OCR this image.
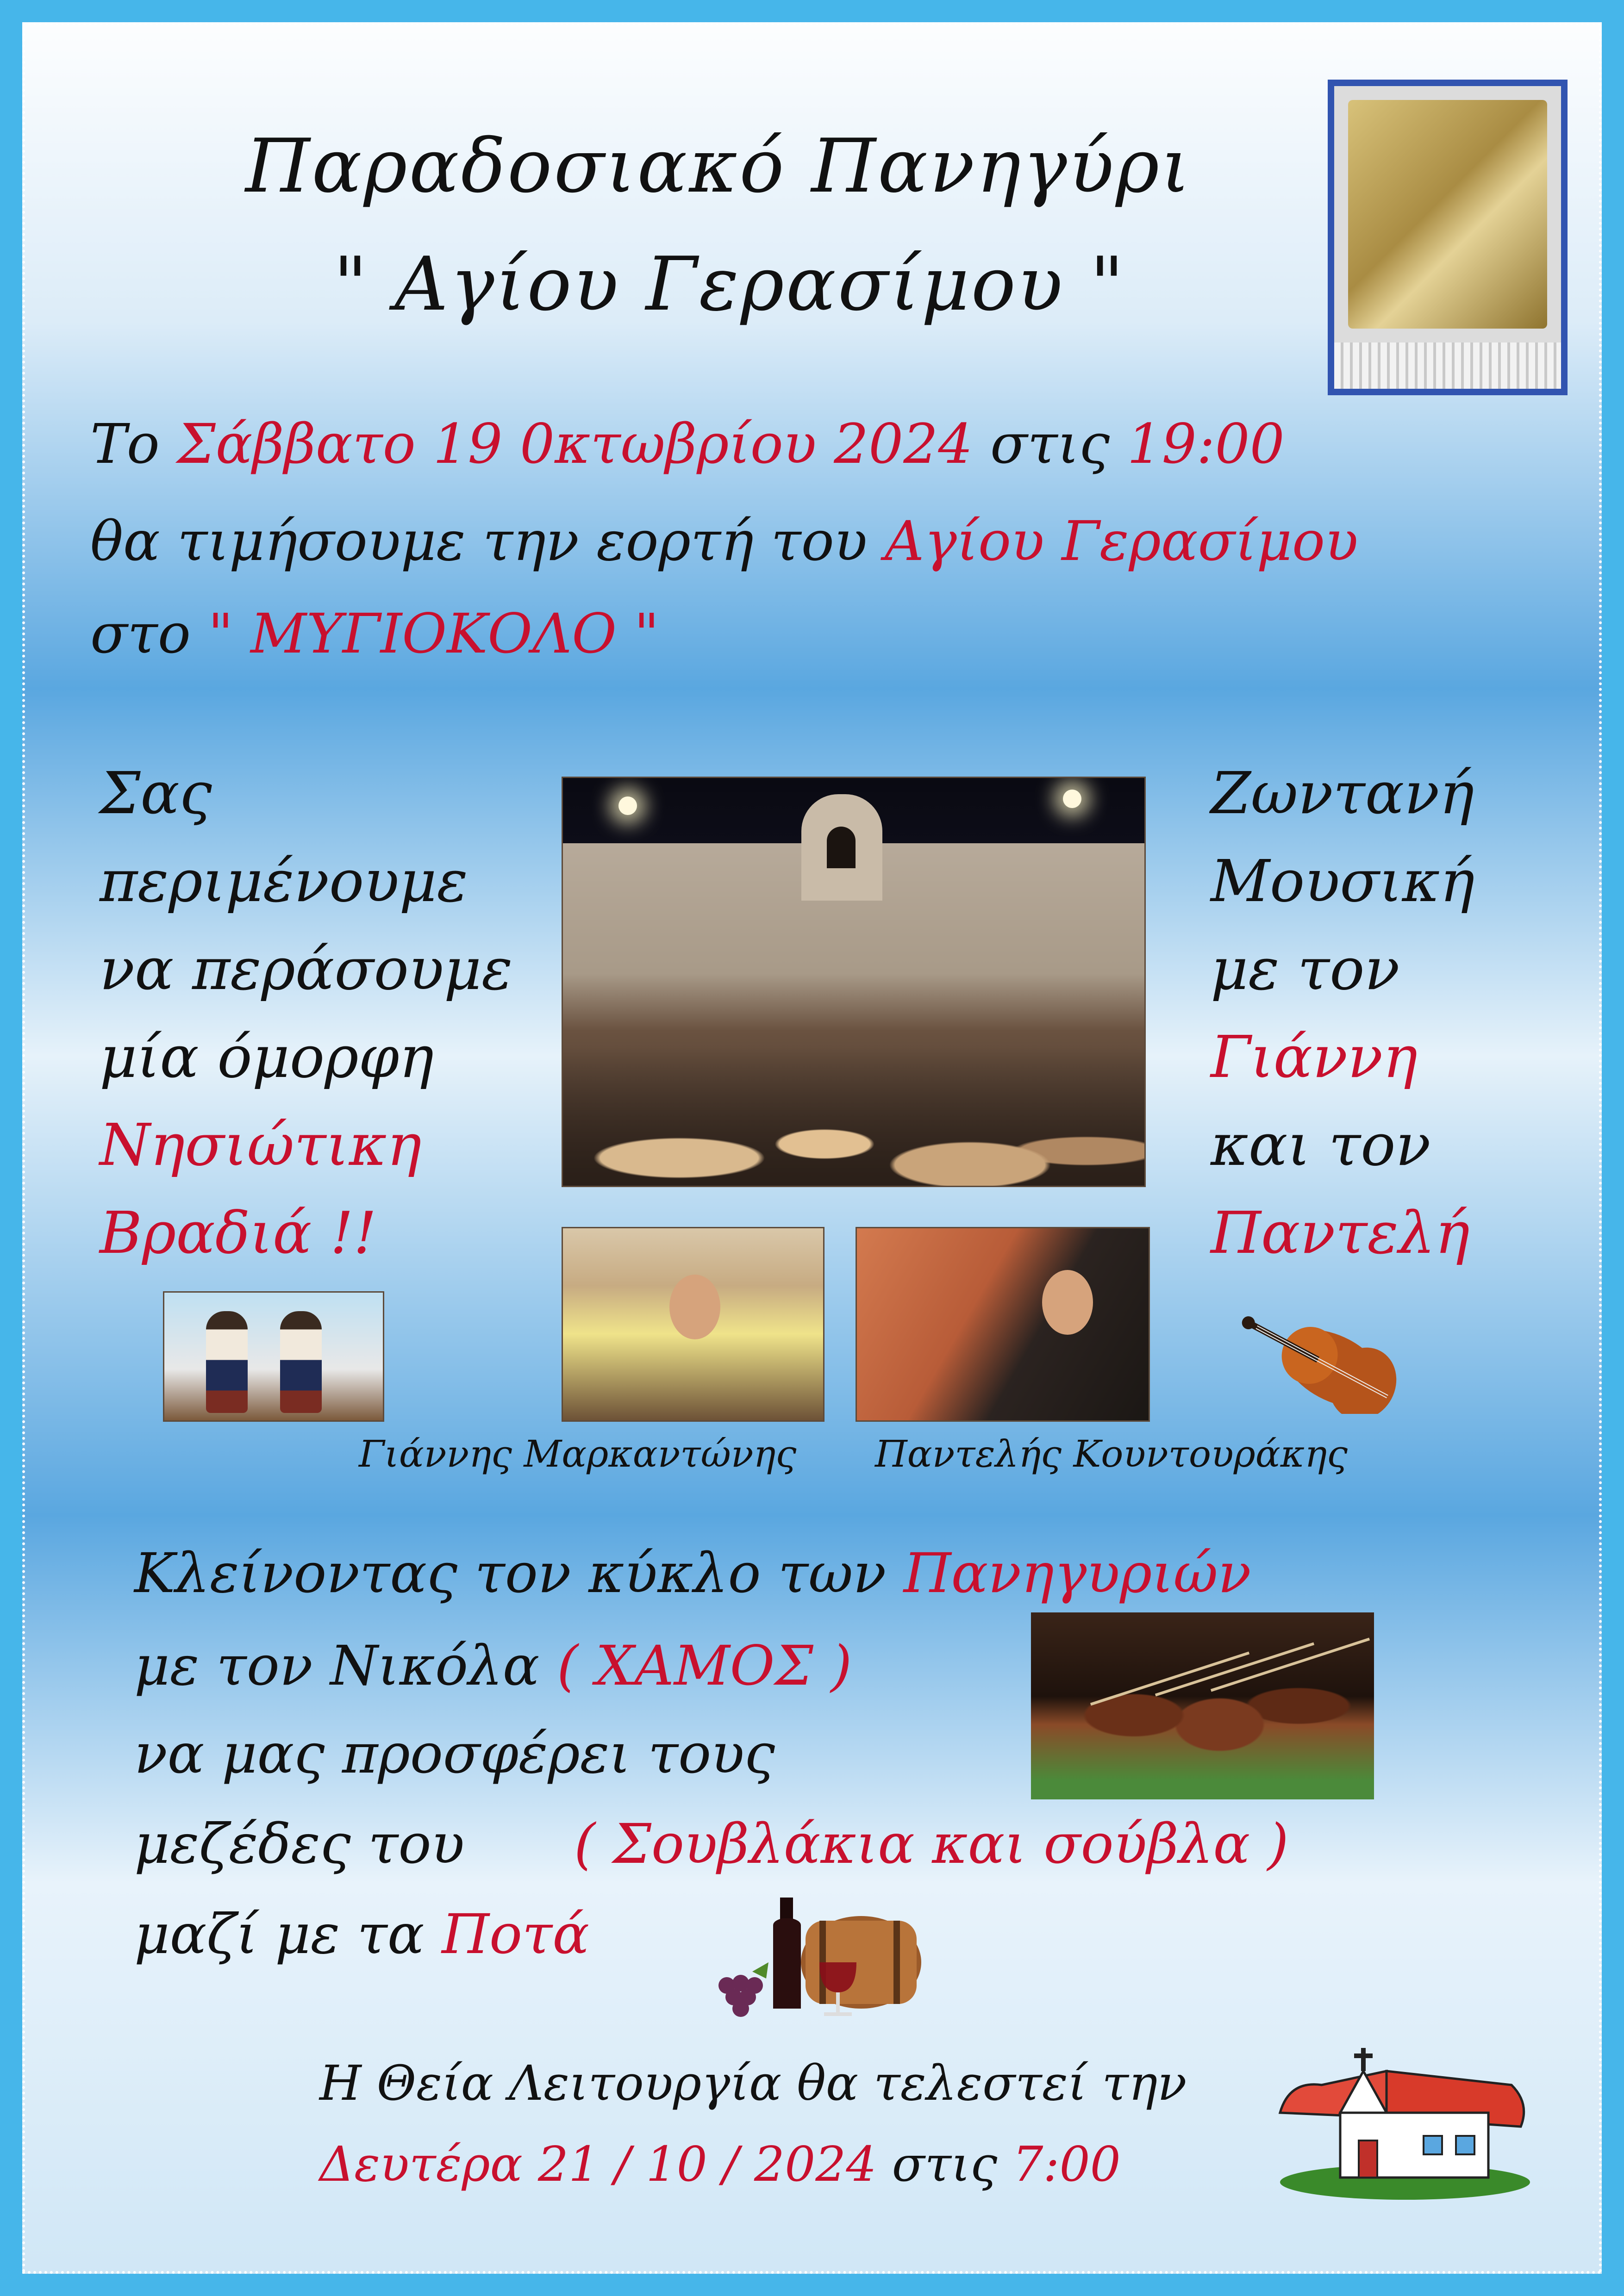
Παραδοσιακό Πανηγύρι
" Αγίου Γερασίμου "
Το Σάββατο 19 0κτωβρίου 2024 στις 19:00
θα τιμήσουμε την εορτή του Αγίου Γερασίμου
στο " ΜΥΓΙΟΚΟΛΟ "
Σας
περιμένουμε
να περάσουμε
μία όμορφη
Νησιώτικη
Βραδιά !!
Ζωντανή
Μουσική
με τον
Γιάννη
και τον
Παντελή
Γιάννης Μαρκαντώνης Παντελής Κουντουράκης
Κλείνοντας τον κύκλο των Πανηγυριών
με τον Νικόλα ( ΧΑΜΟΣ )
να μας προσφέρει τους
μεζέδες του ( Σουβλάκια και σούβλα )
μαζί με τα Ποτά
Η Θεία Λειτουργία θα τελεστεί την
Δευτέρα 21 / 10 / 2024 στις 7:00
